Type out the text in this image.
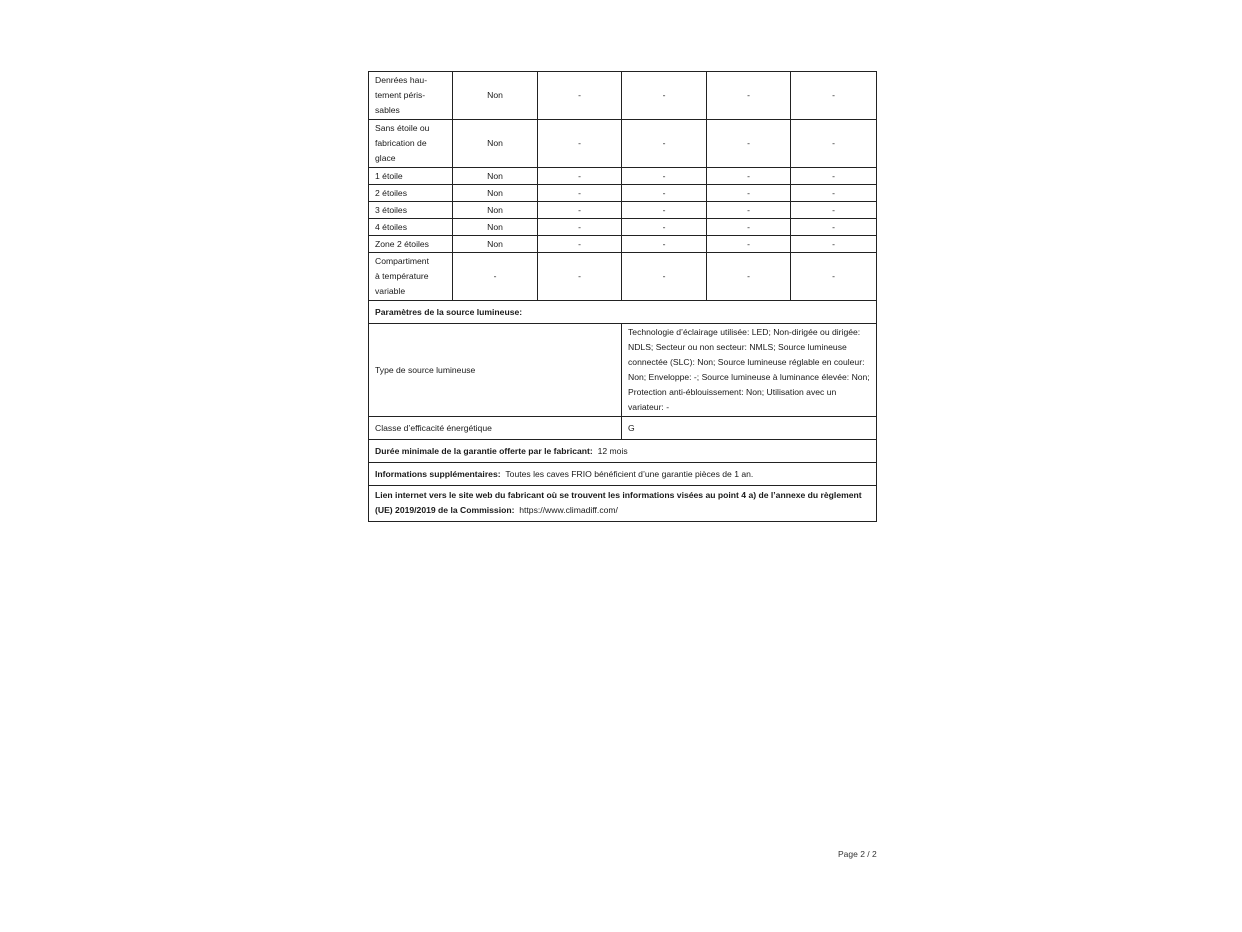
Denrées hau-
tement péris-
sables	Non	-	-	-	-
Sans étoile ou
fabrication de
glace	Non	-	-	-	-
1 étoile	Non	-	-	-	-
2 étoiles	Non	-	-	-	-
3 étoiles	Non	-	-	-	-
4 étoiles	Non	-	-	-	-
Zone 2 étoiles	Non	-	-	-	-
Compartiment
à température
variable	-	-	-	-	-
Paramètres de la source lumineuse:					
Type de source lumineuse			Technologie d’éclairage utilisée: LED; Non-dirigée ou dirigée: NDLS; Secteur ou non secteur: NMLS; Source lumineuse connectée (SLC): Non; Source lumineuse réglable en couleur: Non; Enveloppe: -; Source lumineuse à luminance élevée: Non; Protection anti-éblouissement: Non; Utilisation avec un variateur: -		
Classe d’efficacité énergétique			G		
Durée minimale de la garantie offerte par le fabricant: 12 mois					
Informations supplémentaires: Toutes les caves FRIO bénéficient d’une garantie pièces de 1 an.					
Lien internet vers le site web du fabricant où se trouvent les informations visées au point 4 a) de l’annexe du règlement (UE) 2019/2019 de la Commission: https://www.climadiff.com/					
Page 2 / 2
